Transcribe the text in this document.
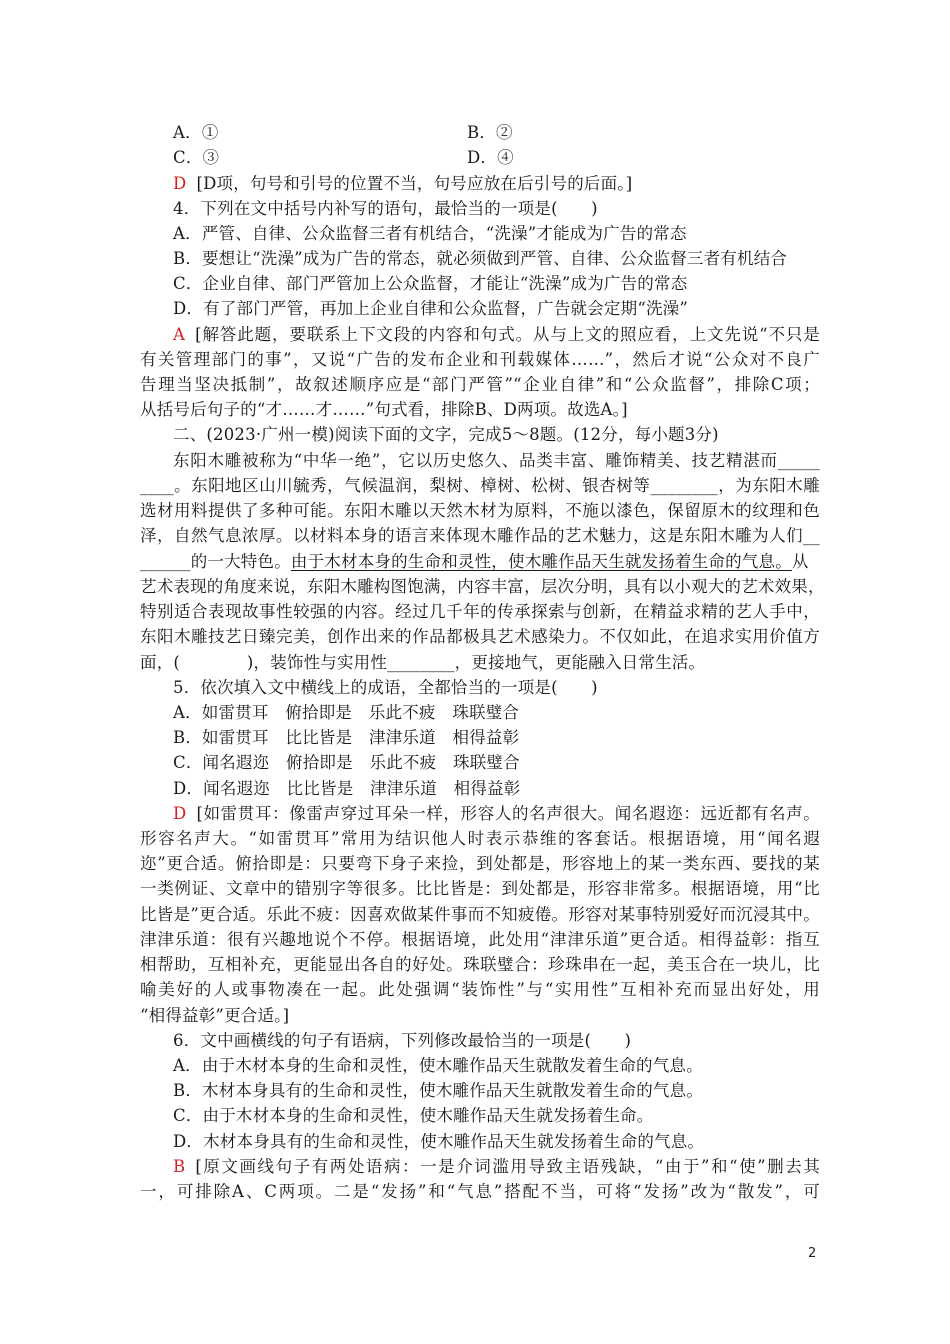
A．①	B．②
C．③	D．④
D [D项，句号和引号的位置不当，句号应放在后引号的后面。]
4．下列在文中括号内补写的语句，最恰当的一项是(　　)
A．严管、自律、公众监督三者有机结合，“洗澡”才能成为广告的常态
B．要想让“洗澡”成为广告的常态，就必须做到严管、自律、公众监督三者有机结合
C．企业自律、部门严管加上公众监督，才能让“洗澡”成为广告的常态
D．有了部门严管，再加上企业自律和公众监督，广告就会定期“洗澡”
A [解答此题，要联系上下文段的内容和句式。从与上文的照应看，上文先说“不只是
有关管理部门的事”，又说“广告的发布企业和刊载媒体……”，然后才说“公众对不良广
告理当坚决抵制”，故叙述顺序应是“部门严管”“企业自律”和“公众监督”，排除C项；
从括号后句子的“才……才……”句式看，排除B、D两项。故选A。]
二、(2023·广州一模)阅读下面的文字，完成5～8题。(12分，每小题3分)
东阳木雕被称为“中华一绝”，它以历史悠久、品类丰富、雕饰精美、技艺精湛而_____
____。东阳地区山川毓秀，气候温润，梨树、樟树、松树、银杏树等________，为东阳木雕
选材用料提供了多种可能。东阳木雕以天然木材为原料，不施以漆色，保留原木的纹理和色
泽，自然气息浓厚。以材料本身的语言来体现木雕作品的艺术魅力，这是东阳木雕为人们__
______的一大特色。由于木材本身的生命和灵性，使木雕作品天生就发扬着生命的气息。从
艺术表现的角度来说，东阳木雕构图饱满，内容丰富，层次分明，具有以小观大的艺术效果，
特别适合表现故事性较强的内容。经过几千年的传承探索与创新，在精益求精的艺人手中，
东阳木雕技艺日臻完美，创作出来的作品都极具艺术感染力。不仅如此，在追求实用价值方
面，(　　　　)，装饰性与实用性________，更接地气，更能融入日常生活。
5．依次填入文中横线上的成语，全都恰当的一项是(　　)
A．如雷贯耳　俯拾即是　乐此不疲　珠联璧合
B．如雷贯耳　比比皆是　津津乐道　相得益彰
C．闻名遐迩　俯拾即是　乐此不疲　珠联璧合
D．闻名遐迩　比比皆是　津津乐道　相得益彰
D [如雷贯耳：像雷声穿过耳朵一样，形容人的名声很大。闻名遐迩：远近都有名声。
形容名声大。“如雷贯耳”常用为结识他人时表示恭维的客套话。根据语境，用“闻名遐
迩”更合适。俯拾即是：只要弯下身子来捡，到处都是，形容地上的某一类东西、要找的某
一类例证、文章中的错别字等很多。比比皆是：到处都是，形容非常多。根据语境，用“比
比皆是”更合适。乐此不疲：因喜欢做某件事而不知疲倦。形容对某事特别爱好而沉浸其中。
津津乐道：很有兴趣地说个不停。根据语境，此处用“津津乐道”更合适。相得益彰：指互
相帮助，互相补充，更能显出各自的好处。珠联璧合：珍珠串在一起，美玉合在一块儿，比
喻美好的人或事物凑在一起。此处强调“装饰性”与“实用性”互相补充而显出好处，用
“相得益彰”更合适。]
6．文中画横线的句子有语病，下列修改最恰当的一项是(　　)
A．由于木材本身的生命和灵性，使木雕作品天生就散发着生命的气息。
B．木材本身具有的生命和灵性，使木雕作品天生就散发着生命的气息。
C．由于木材本身的生命和灵性，使木雕作品天生就发扬着生命。
D．木材本身具有的生命和灵性，使木雕作品天生就发扬着生命的气息。
B [原文画线句子有两处语病：一是介词滥用导致主语残缺，“由于”和“使”删去其
一，可排除A、C两项。二是“发扬”和“气息”搭配不当，可将“发扬”改为“散发”，可
2
